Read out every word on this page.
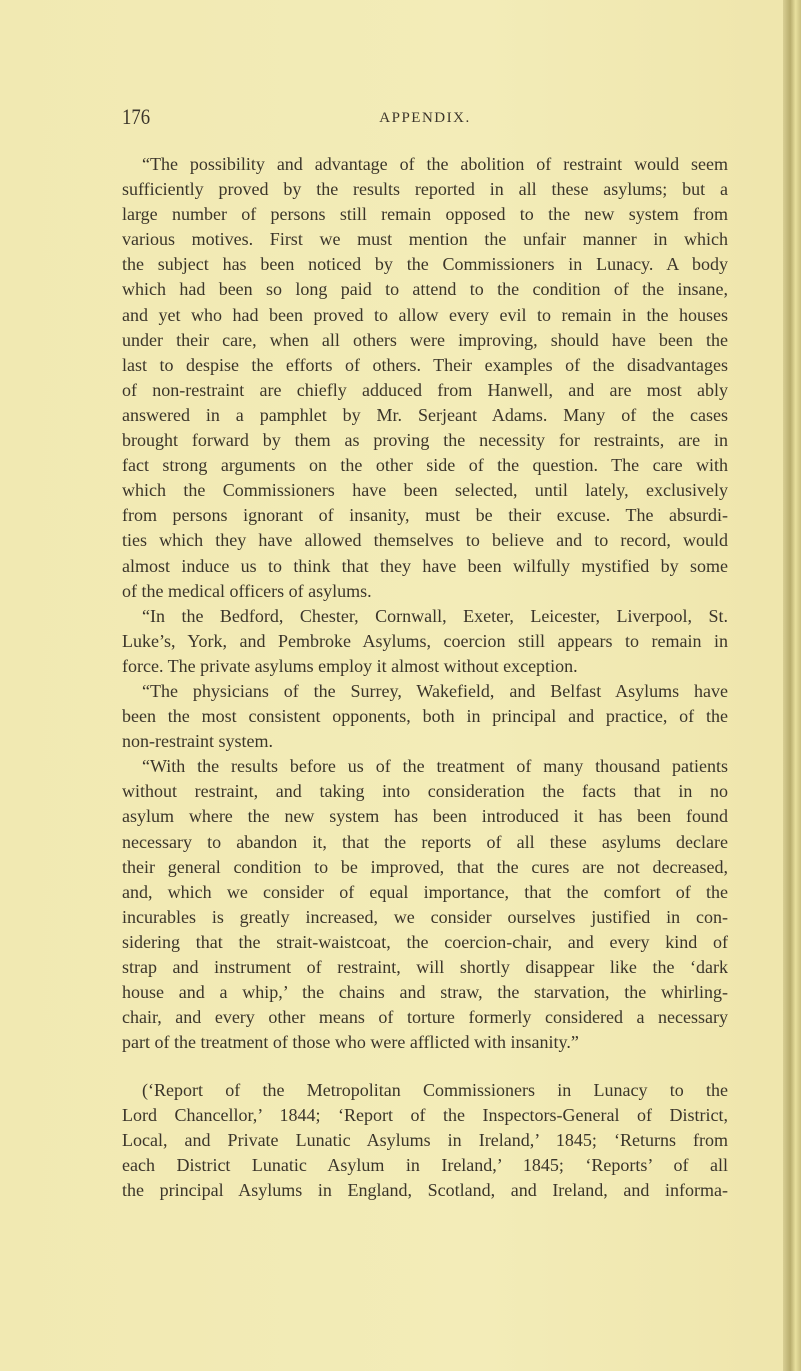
176	APPENDIX.
“The possibility and advantage of the abolition of restraint would seem
sufficiently proved by the results reported in all these asylums; but a
large number of persons still remain opposed to the new system from
various motives. First we must mention the unfair manner in which
the subject has been noticed by the Commissioners in Lunacy. A body
which had been so long paid to attend to the condition of the insane,
and yet who had been proved to allow every evil to remain in the houses
under their care, when all others were improving, should have been the
last to despise the efforts of others. Their examples of the disadvantages
of non-restraint are chiefly adduced from Hanwell, and are most ably
answered in a pamphlet by Mr. Serjeant Adams. Many of the cases
brought forward by them as proving the necessity for restraints, are in
fact strong arguments on the other side of the question. The care with
which the Commissioners have been selected, until lately, exclusively
from persons ignorant of insanity, must be their excuse. The absurdi-
ties which they have allowed themselves to believe and to record, would
almost induce us to think that they have been wilfully mystified by some
of the medical officers of asylums.
“In the Bedford, Chester, Cornwall, Exeter, Leicester, Liverpool, St.
Luke’s, York, and Pembroke Asylums, coercion still appears to remain in
force. The private asylums employ it almost without exception.
“The physicians of the Surrey, Wakefield, and Belfast Asylums have
been the most consistent opponents, both in principal and practice, of the
non-restraint system.
“With the results before us of the treatment of many thousand patients
without restraint, and taking into consideration the facts that in no
asylum where the new system has been introduced it has been found
necessary to abandon it, that the reports of all these asylums declare
their general condition to be improved, that the cures are not decreased,
and, which we consider of equal importance, that the comfort of the
incurables is greatly increased, we consider ourselves justified in con-
sidering that the strait-waistcoat, the coercion-chair, and every kind of
strap and instrument of restraint, will shortly disappear like the ‘dark
house and a whip,’ the chains and straw, the starvation, the whirling-
chair, and every other means of torture formerly considered a necessary
part of the treatment of those who were afflicted with insanity.”
(‘Report of the Metropolitan Commissioners in Lunacy to the
Lord Chancellor,’ 1844; ‘Report of the Inspectors-General of District,
Local, and Private Lunatic Asylums in Ireland,’ 1845; ‘Returns from
each District Lunatic Asylum in Ireland,’ 1845; ‘Reports’ of all
the principal Asylums in England, Scotland, and Ireland, and informa-
